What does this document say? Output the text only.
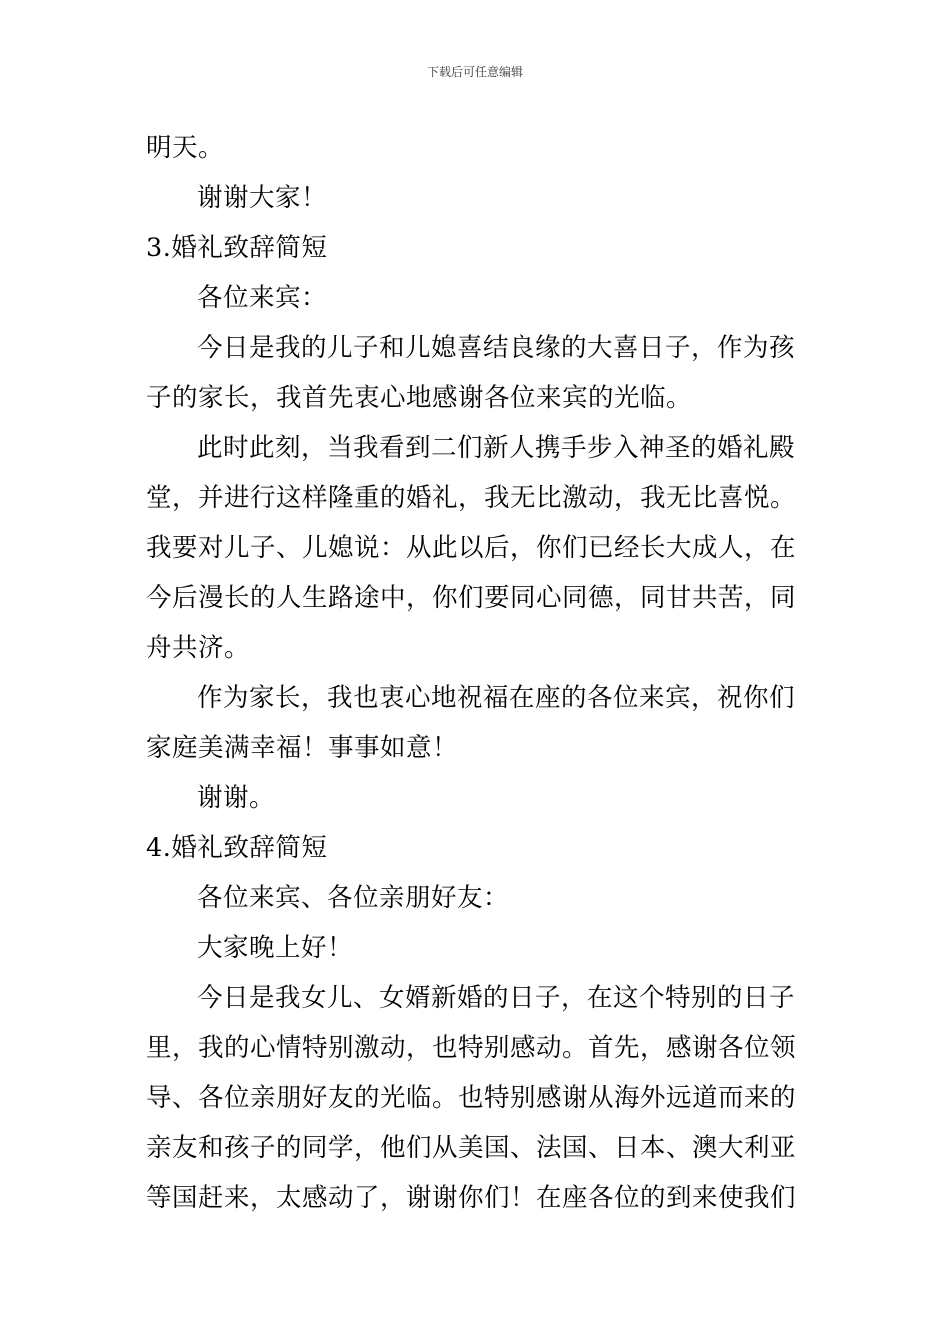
下载后可任意编辑

明天。

谢谢大家！

3.婚礼致辞简短

各位来宾：

今日是我的儿子和儿媳喜结良缘的大喜日子，作为孩

子的家长，我首先衷心地感谢各位来宾的光临。

此时此刻，当我看到二们新人携手步入神圣的婚礼殿

堂，并进行这样隆重的婚礼，我无比激动，我无比喜悦。

我要对儿子、儿媳说：从此以后，你们已经长大成人，在

今后漫长的人生路途中，你们要同心同德，同甘共苦，同

舟共济。

作为家长，我也衷心地祝福在座的各位来宾，祝你们

家庭美满幸福！事事如意！

谢谢。

4.婚礼致辞简短

各位来宾、各位亲朋好友：

大家晚上好！

今日是我女儿、女婿新婚的日子，在这个特别的日子

里，我的心情特别激动，也特别感动。首先，感谢各位领

导、各位亲朋好友的光临。也特别感谢从海外远道而来的

亲友和孩子的同学，他们从美国、法国、日本、澳大利亚

等国赶来，太感动了，谢谢你们！在座各位的到来使我们
